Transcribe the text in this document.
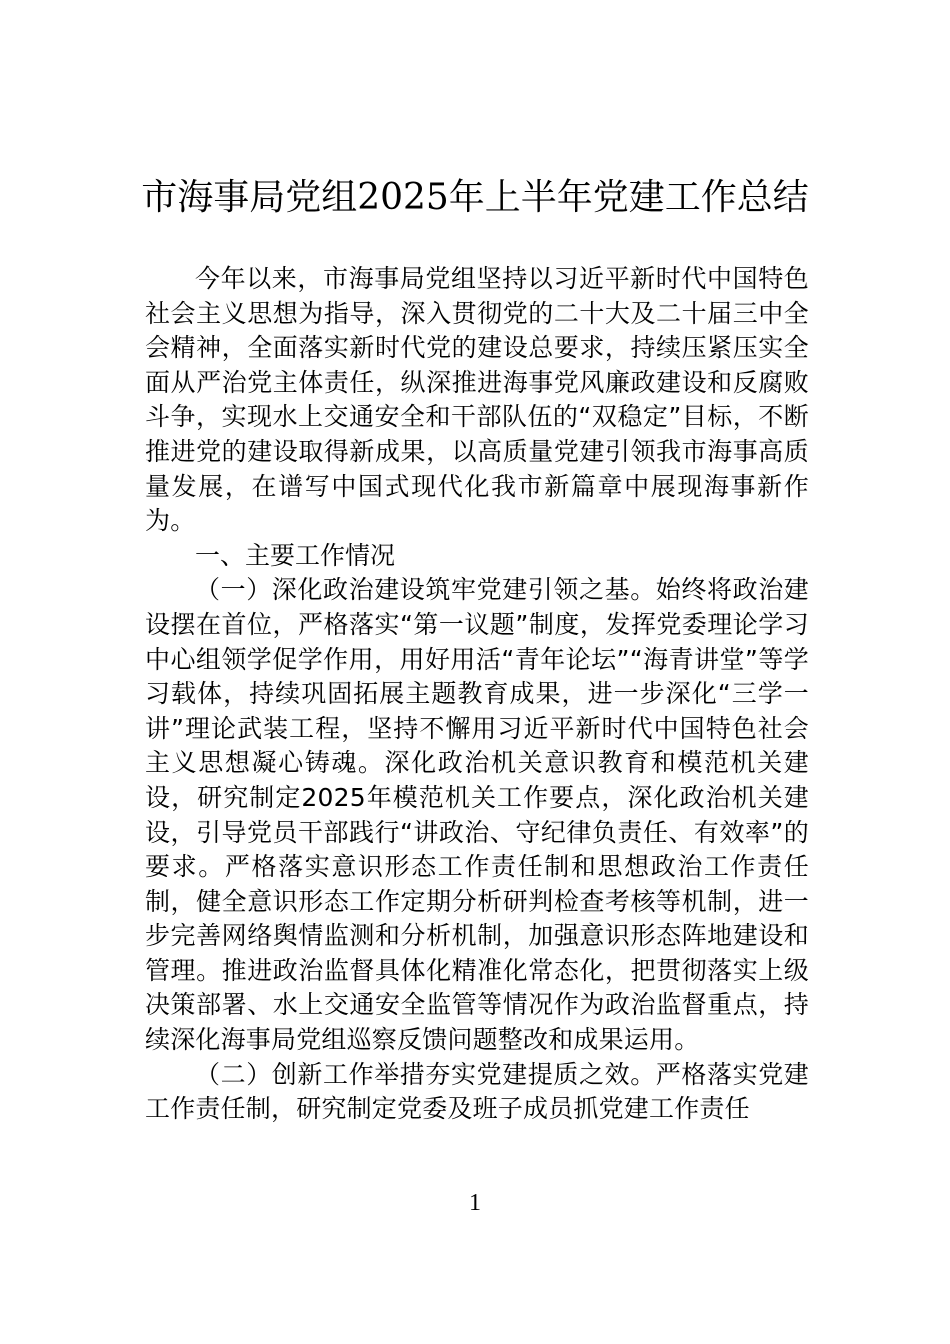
市海事局党组2025年上半年党建工作总结

今年以来，市海事局党组坚持以习近平新时代中国特色社会主义思想为指导，深入贯彻党的二十大及二十届三中全会精神，全面落实新时代党的建设总要求，持续压紧压实全面从严治党主体责任，纵深推进海事党风廉政建设和反腐败斗争，实现水上交通安全和干部队伍的“双稳定”目标，不断推进党的建设取得新成果，以高质量党建引领我市海事高质量发展，在谱写中国式现代化我市新篇章中展现海事新作为。

一、主要工作情况

（一）深化政治建设筑牢党建引领之基。始终将政治建设摆在首位，严格落实“第一议题”制度，发挥党委理论学习中心组领学促学作用，用好用活“青年论坛”“海青讲堂”等学习载体，持续巩固拓展主题教育成果，进一步深化“三学一讲”理论武装工程，坚持不懈用习近平新时代中国特色社会主义思想凝心铸魂。深化政治机关意识教育和模范机关建设，研究制定2025年模范机关工作要点，深化政治机关建设，引导党员干部践行“讲政治、守纪律负责任、有效率”的要求。严格落实意识形态工作责任制和思想政治工作责任制，健全意识形态工作定期分析研判检查考核等机制，进一步完善网络舆情监测和分析机制，加强意识形态阵地建设和管理。推进政治监督具体化精准化常态化，把贯彻落实上级决策部署、水上交通安全监管等情况作为政治监督重点，持续深化海事局党组巡察反馈问题整改和成果运用。

（二）创新工作举措夯实党建提质之效。严格落实党建工作责任制，研究制定党委及班子成员抓党建工作责任

1
